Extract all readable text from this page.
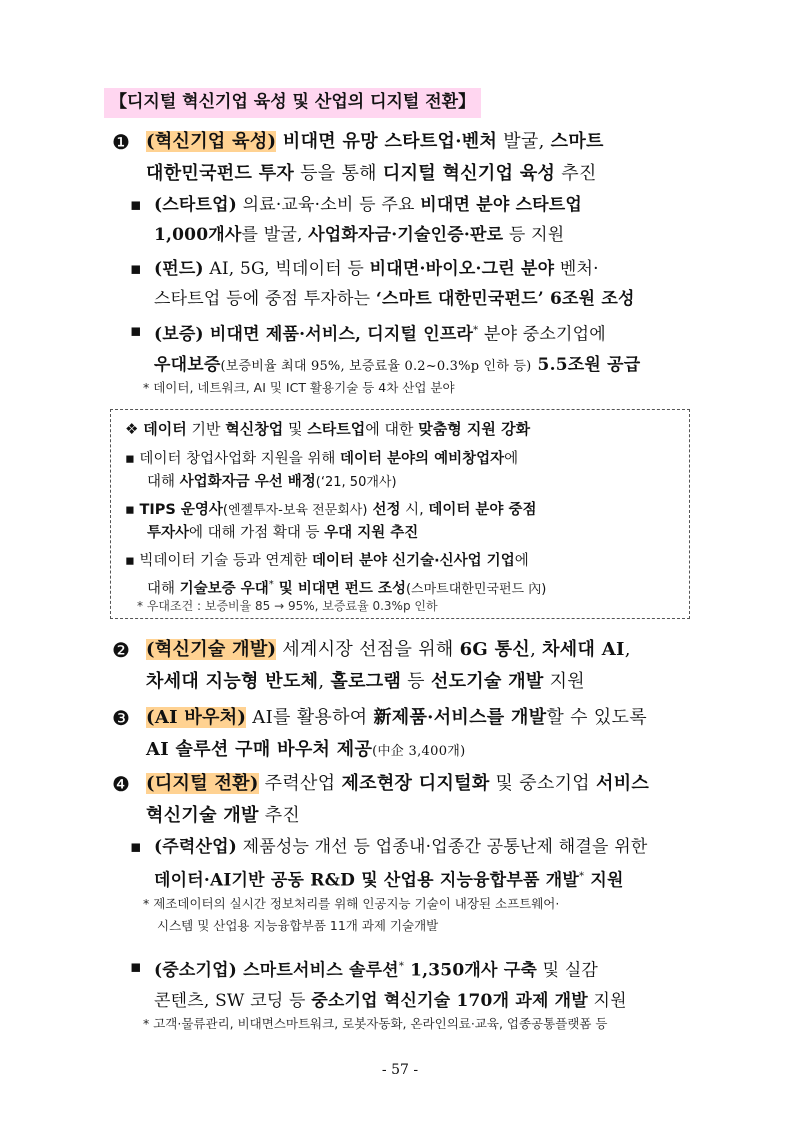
【디지털 혁신기업 육성 및 산업의 디지털 전환】
❶ (혁신기업 육성) 비대면 유망 스타트업·벤처 발굴, 스마트
대한민국펀드 투자 등을 통해 디지털 혁신기업 육성 추진
▪ (스타트업) 의료·교육·소비 등 주요 비대면 분야 스타트업
1,000개사를 발굴, 사업화자금·기술인증·판로 등 지원
▪ (펀드) AI, 5G, 빅데이터 등 비대면·바이오·그린 분야 벤처·
스타트업 등에 중점 투자하는 ‘스마트 대한민국펀드’ 6조원 조성
▪ (보증) 비대면 제품·서비스, 디지털 인프라* 분야 중소기업에
우대보증(보증비율 최대 95%, 보증료율 0.2~0.3%p 인하 등) 5.5조원 공급
* 데이터, 네트워크, AI 및 ICT 활용기술 등 4차 산업 분야
❖ 데이터 기반 혁신창업 및 스타트업에 대한 맞춤형 지원 강화
▪ 데이터 창업사업화 지원을 위해 데이터 분야의 예비창업자에
대해 사업화자금 우선 배정(‘21, 50개사)
▪ TIPS 운영사(엔젤투자-보육 전문회사) 선정 시, 데이터 분야 중점
투자사에 대해 가점 확대 등 우대 지원 추진
▪ 빅데이터 기술 등과 연계한 데이터 분야 신기술·신사업 기업에
대해 기술보증 우대* 및 비대면 펀드 조성(스마트대한민국펀드 內)
* 우대조건 : 보증비율 85 → 95%, 보증료율 0.3%p 인하
❷ (혁신기술 개발) 세계시장 선점을 위해 6G 통신, 차세대 AI,
차세대 지능형 반도체, 홀로그램 등 선도기술 개발 지원
❸ (AI 바우처) AI를 활용하여 新제품·서비스를 개발할 수 있도록
AI 솔루션 구매 바우처 제공(中企 3,400개)
❹ (디지털 전환) 주력산업 제조현장 디지털화 및 중소기업 서비스
혁신기술 개발 추진
▪ (주력산업) 제품성능 개선 등 업종내·업종간 공통난제 해결을 위한
데이터·AI기반 공동 R&D 및 산업용 지능융합부품 개발* 지원
* 제조데이터의 실시간 정보처리를 위해 인공지능 기술이 내장된 소프트웨어·
시스템 및 산업용 지능융합부품 11개 과제 기술개발
▪ (중소기업) 스마트서비스 솔루션* 1,350개사 구축 및 실감
콘텐츠, SW 코딩 등 중소기업 혁신기술 170개 과제 개발 지원
* 고객·물류관리, 비대면스마트워크, 로봇자동화, 온라인의료·교육, 업종공통플랫폼 등
- 57 -
